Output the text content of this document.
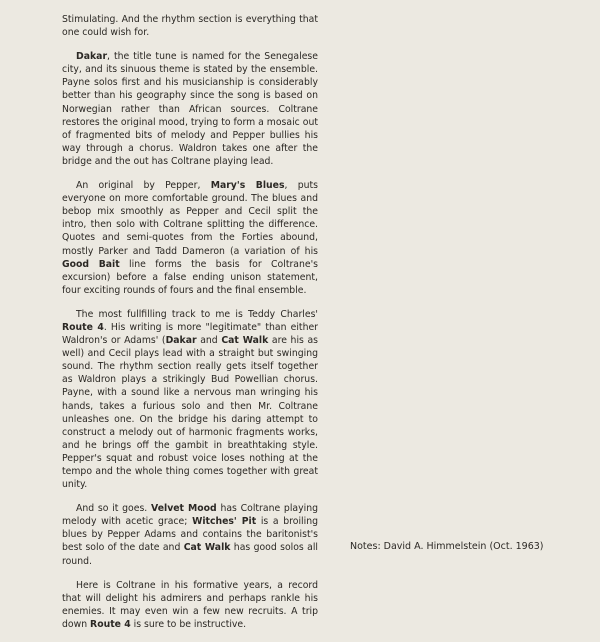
Stimulating. And the rhythm section is everything that one could wish for.

Dakar, the title tune is named for the Senegalese city, and its sinuous theme is stated by the ensemble. Payne solos first and his musicianship is considerably better than his geography since the song is based on Norwegian rather than African sources. Coltrane restores the original mood, trying to form a mosaic out of fragmented bits of melody and Pepper bullies his way through a chorus. Waldron takes one after the bridge and the out has Coltrane playing lead.

An original by Pepper, Mary's Blues, puts everyone on more comfortable ground. The blues and bebop mix smoothly as Pepper and Cecil split the intro, then solo with Coltrane splitting the difference. Quotes and semi-quotes from the Forties abound, mostly Parker and Tadd Dameron (a variation of his Good Bait line forms the basis for Coltrane's excursion) before a false ending unison statement, four exciting rounds of fours and the final ensemble.

The most fullfilling track to me is Teddy Charles' Route 4. His writing is more "legitimate" than either Waldron's or Adams' (Dakar and Cat Walk are his as well) and Cecil plays lead with a straight but swinging sound. The rhythm section really gets itself together as Waldron plays a strikingly Bud Powellian chorus. Payne, with a sound like a nervous man wringing his hands, takes a furious solo and then Mr. Coltrane unleashes one. On the bridge his daring attempt to construct a melody out of harmonic fragments works, and he brings off the gambit in breathtaking style. Pepper's squat and robust voice loses nothing at the tempo and the whole thing comes together with great unity.

And so it goes. Velvet Mood has Coltrane playing melody with acetic grace; Witches' Pit is a broiling blues by Pepper Adams and contains the baritonist's best solo of the date and Cat Walk has good solos all round.

Here is Coltrane in his formative years, a record that will delight his admirers and perhaps rankle his enemies. It may even win a few new recruits. A trip down Route 4 is sure to be instructive.

Notes: David A. Himmelstein (Oct. 1963)
